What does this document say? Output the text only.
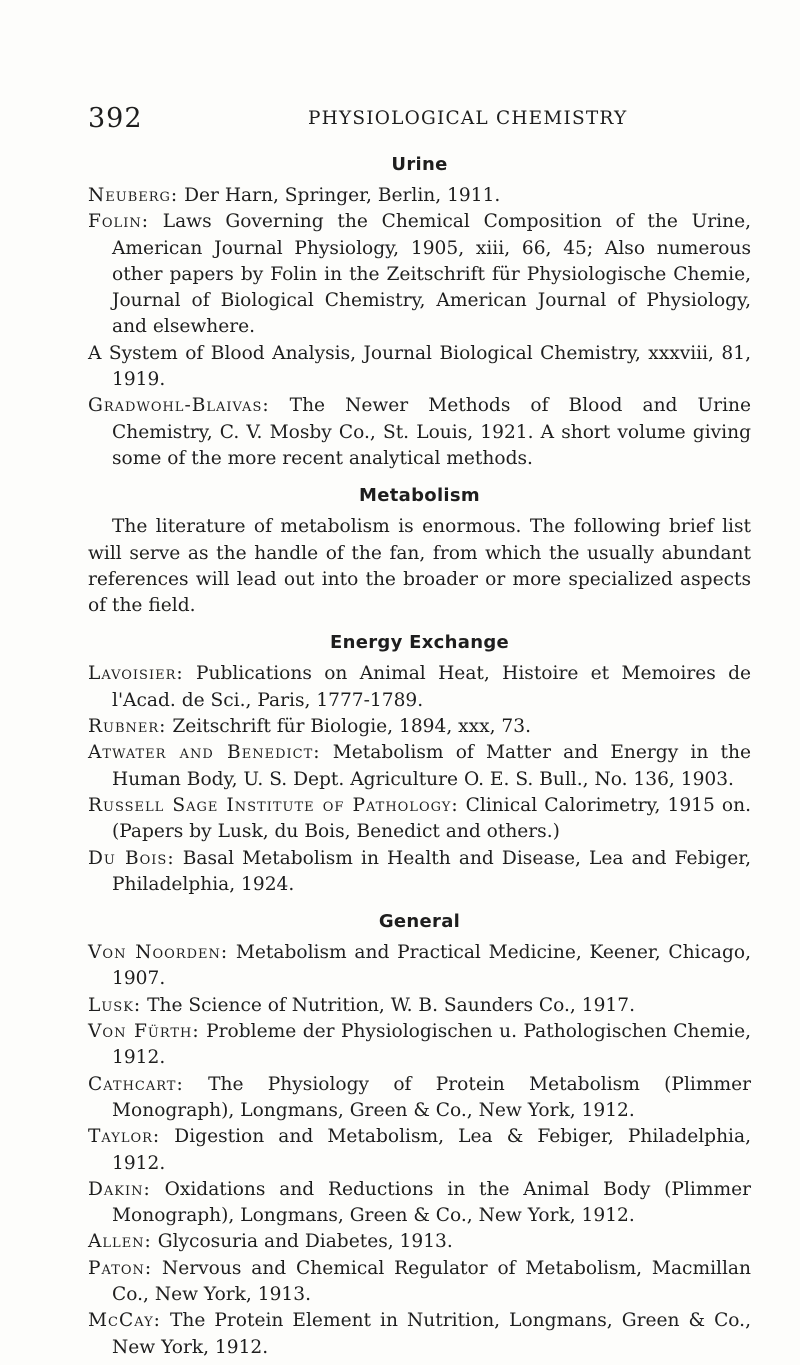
392	PHYSIOLOGICAL CHEMISTRY
Urine

Neuberg: Der Harn, Springer, Berlin, 1911.

Folin: Laws Governing the Chemical Composition of the Urine, American Journal Physiology, 1905, xiii, 66, 45; Also numerous other papers by Folin in the Zeitschrift für Physiologische Chemie, Journal of Biological Chemistry, American Journal of Physiology, and elsewhere.

A System of Blood Analysis, Journal Biological Chemistry, xxxviii, 81, 1919.

Gradwohl-Blaivas: The Newer Methods of Blood and Urine Chemistry, C. V. Mosby Co., St. Louis, 1921. A short volume giving some of the more recent analytical methods.

Metabolism

The literature of metabolism is enormous. The following brief list will serve as the handle of the fan, from which the usually abundant references will lead out into the broader or more specialized aspects of the field.

Energy Exchange

Lavoisier: Publications on Animal Heat, Histoire et Memoires de l'Acad. de Sci., Paris, 1777-1789.

Rubner: Zeitschrift für Biologie, 1894, xxx, 73.

Atwater and Benedict: Metabolism of Matter and Energy in the Human Body, U. S. Dept. Agriculture O. E. S. Bull., No. 136, 1903.

Russell Sage Institute of Pathology: Clinical Calorimetry, 1915 on. (Papers by Lusk, du Bois, Benedict and others.)

Du Bois: Basal Metabolism in Health and Disease, Lea and Febiger, Philadelphia, 1924.

General

Von Noorden: Metabolism and Practical Medicine, Keener, Chicago, 1907.

Lusk: The Science of Nutrition, W. B. Saunders Co., 1917.

Von Fürth: Probleme der Physiologischen u. Pathologischen Chemie, 1912.

Cathcart: The Physiology of Protein Metabolism (Plimmer Monograph), Longmans, Green & Co., New York, 1912.

Taylor: Digestion and Metabolism, Lea & Febiger, Philadelphia, 1912.

Dakin: Oxidations and Reductions in the Animal Body (Plimmer Monograph), Longmans, Green & Co., New York, 1912.

Allen: Glycosuria and Diabetes, 1913.

Paton: Nervous and Chemical Regulator of Metabolism, Macmillan Co., New York, 1913.

McCay: The Protein Element in Nutrition, Longmans, Green & Co., New York, 1912.
